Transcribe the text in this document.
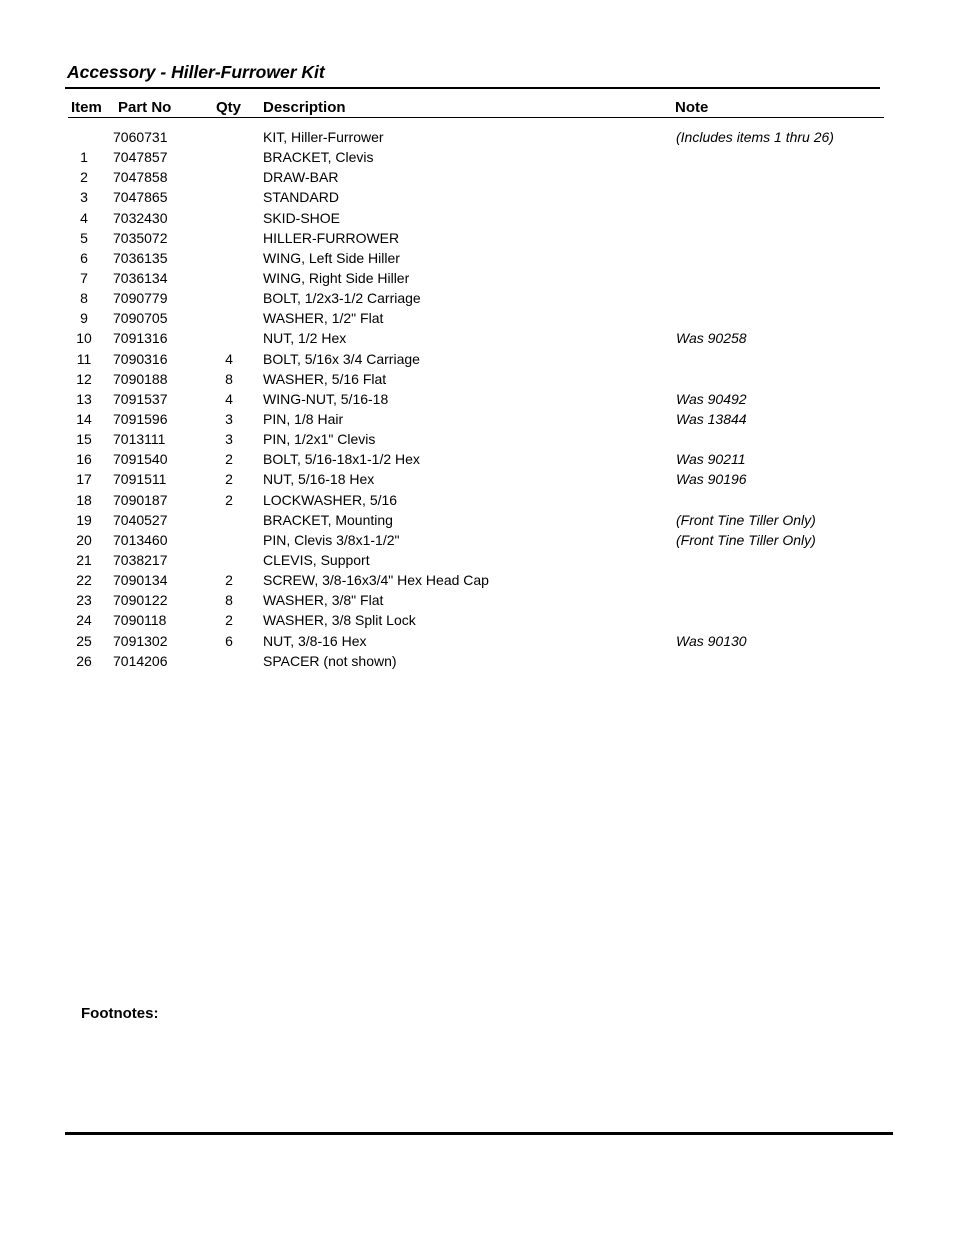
Accessory - Hiller-Furrower Kit
Item Part No	Qty Description	Note
7060731	KIT, Hiller-Furrower	(Includes items 1 thru 26)
1	7047857	BRACKET, Clevis
2	7047858	DRAW-BAR
3	7047865	STANDARD
4	7032430	SKID-SHOE
5	7035072	HILLER-FURROWER
6	7036135	WING, Left Side Hiller
7	7036134	WING, Right Side Hiller
8	7090779	BOLT, 1/2x3-1/2 Carriage
9	7090705	WASHER, 1/2" Flat
10	7091316	NUT, 1/2 Hex	Was 90258
11	7090316	4 BOLT, 5/16x 3/4 Carriage
12	7090188	8 WASHER, 5/16 Flat
13	7091537	4 WING-NUT, 5/16-18	Was 90492
14	7091596	3 PIN, 1/8 Hair	Was 13844
15	7013111	3 PIN, 1/2x1" Clevis
16	7091540	2 BOLT, 5/16-18x1-1/2 Hex	Was 90211
17	7091511	2 NUT, 5/16-18 Hex	Was 90196
18	7090187	2 LOCKWASHER, 5/16
19	7040527	BRACKET, Mounting	(Front Tine Tiller Only)
20	7013460	PIN, Clevis 3/8x1-1/2"	(Front Tine Tiller Only)
21	7038217	CLEVIS, Support
22	7090134	2 SCREW, 3/8-16x3/4" Hex Head Cap
23	7090122	8 WASHER, 3/8" Flat
24	7090118	2 WASHER, 3/8 Split Lock
25	7091302	6 NUT, 3/8-16 Hex	Was 90130
26	7014206	SPACER (not shown)
Footnotes:
